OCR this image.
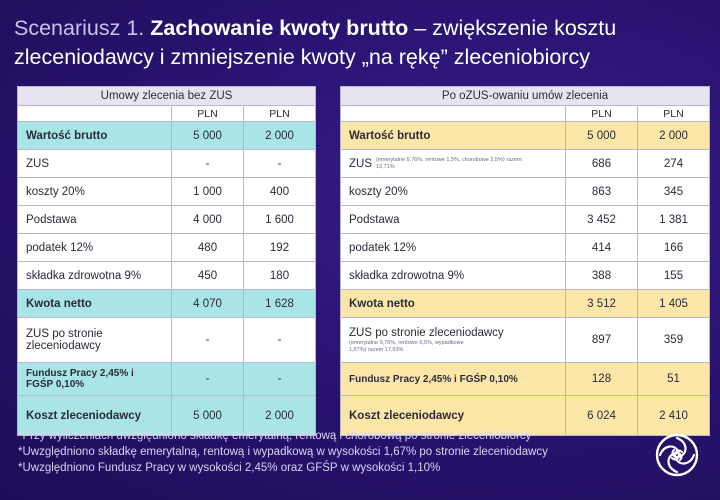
Scenariusz 1. Zachowanie kwoty brutto – zwiększenie kosztu zleceniodawcy i zmniejszenie kwoty „na rękę” zleceniobiorcy
Umowy zlecenia bez ZUS		
	PLN	PLN
Wartość brutto	5 000	2 000
ZUS	-	-
koszty 20%	1 000	400
Podstawa	4 000	1 600
podatek 12%	480	192
składka zdrowotna 9%	450	180
Kwota netto	4 070	1 628
ZUS po stronie zleceniodawcy	-	-
Fundusz Pracy 2,45% i FGŚP 0,10%	-	-
Koszt zleceniodawcy	5 000	2 000
Po oZUS-owaniu umów zlecenia		
	PLN	PLN
Wartość brutto	5 000	2 000

ZUS (emerytalne 9,76%, rentowe 1,5%, chorobowe 2,5%) razem: 13,71%	686	274
koszty 20%	863	345
Podstawa	3 452	1 381
podatek 12%	414	166
składka zdrowotna 9%	388	155
Kwota netto	3 512	1 405

ZUS po stronie zleceniodawcy
(emerytalne 9,76%, rentowe 6,5%, wypadkowe 1,67%) razem 17,93%	897	359
Fundusz Pracy 2,45% i FGŚP 0,10%	128	51
Koszt zleceniodawcy	6 024	2 410
*Przy wyliczeniach uwzględniono składkę emerytalną, rentową i chorobową po stronie zleceniobiorcy
*Uwzględniono składkę emerytalną, rentową i wypadkową w wysokości 1,67% po stronie zleceniodawcy
*Uwzględniono Fundusz Pracy w wysokości 2,45% oraz GFŚP w wysokości 1,10%
